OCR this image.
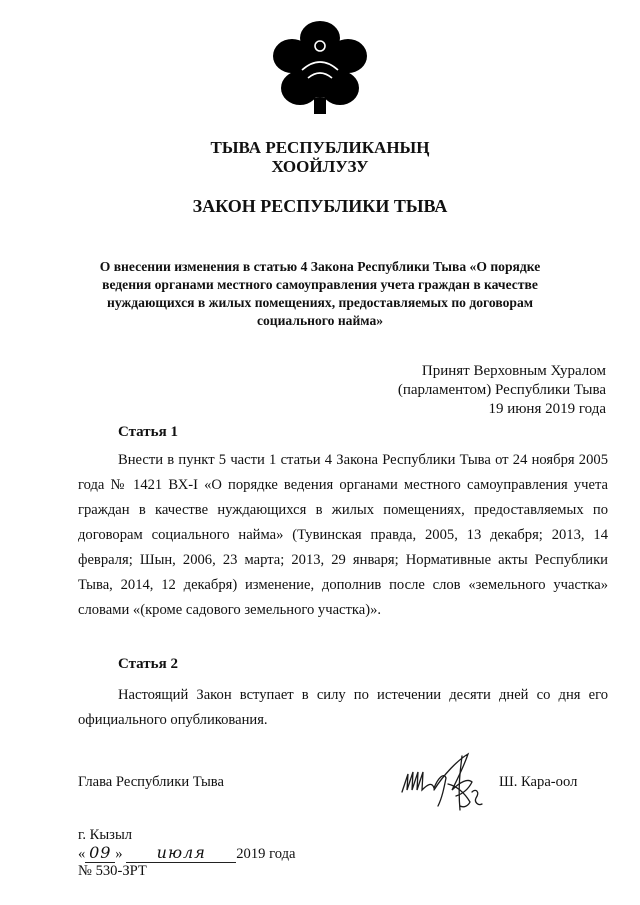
ТЫВА РЕСПУБЛИКАНЫҢ
ХООЙЛУЗУ
ЗАКОН РЕСПУБЛИКИ ТЫВА
О внесении изменения в статью 4 Закона Республики Тыва «О порядке
ведения органами местного самоуправления учета граждан в качестве
нуждающихся в жилых помещениях, предоставляемых по договорам
социального найма»
Принят Верховным Хуралом
(парламентом) Республики Тыва
19 июня 2019 года
Статья 1
Внести в пункт 5 части 1 статьи 4 Закона Республики Тыва от 24 ноября 2005 года № 1421 ВХ-I «О порядке ведения органами местного самоуправления учета граждан в качестве нуждающихся в жилых помещениях, предоставляемых по договорам социального найма» (Тувинская правда, 2005, 13 декабря; 2013, 14 февраля; Шын, 2006, 23 марта; 2013, 29 января; Нормативные акты Республики Тыва, 2014, 12 декабря) изменение, дополнив после слов «земельного участка» словами «(кроме садового земельного участка)».
Статья 2
Настоящий Закон вступает в силу по истечении десяти дней со дня его официального опубликования.
Глава Республики Тыва	Ш. Кара-оол
г. Кызыл
« 09 » июля 2019 года
№ 530-ЗРТ
